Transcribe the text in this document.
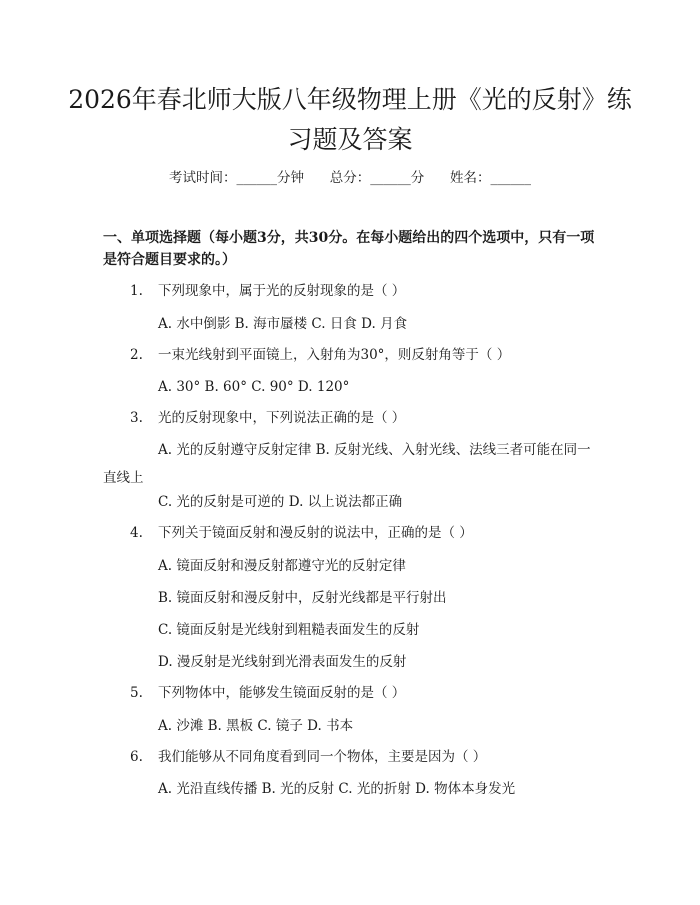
2026年春北师大版八年级物理上册《光的反射》练习题及答案
考试时间：______分钟 总分：______分 姓名：______

一、单项选择题（每小题3分，共30分。在每小题给出的四个选项中，只有一项是符合题目要求的。）

1. 下列现象中，属于光的反射现象的是（ ）
A. 水中倒影 B. 海市蜃楼 C. 日食 D. 月食
2. 一束光线射到平面镜上，入射角为30°，则反射角等于（ ）
A. 30° B. 60° C. 90° D. 120°
3. 光的反射现象中，下列说法正确的是（ ）
A. 光的反射遵守反射定律 B. 反射光线、入射光线、法线三者可能在同一直线上
C. 光的反射是可逆的 D. 以上说法都正确
4. 下列关于镜面反射和漫反射的说法中，正确的是（ ）
A. 镜面反射和漫反射都遵守光的反射定律
B. 镜面反射和漫反射中，反射光线都是平行射出
C. 镜面反射是光线射到粗糙表面发生的反射
D. 漫反射是光线射到光滑表面发生的反射
5. 下列物体中，能够发生镜面反射的是（ ）
A. 沙滩 B. 黑板 C. 镜子 D. 书本
6. 我们能够从不同角度看到同一个物体，主要是因为（ ）
A. 光沿直线传播 B. 光的反射 C. 光的折射 D. 物体本身发光
